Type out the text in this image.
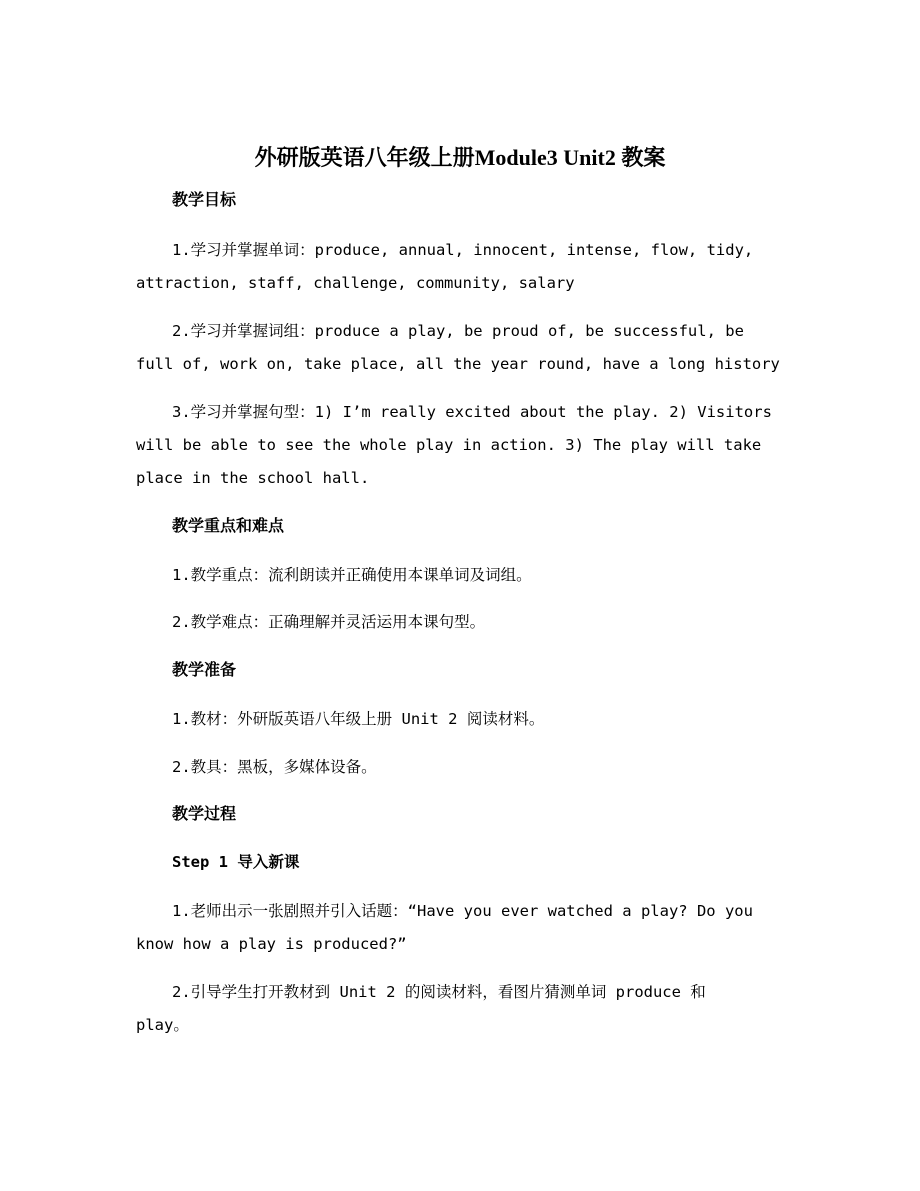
外研版英语八年级上册Module3 Unit2 教案
教学目标
1.学习并掌握单词：produce, annual, innocent, intense, flow, tidy,
attraction, staff, challenge, community, salary
2.学习并掌握词组：produce a play, be proud of, be successful, be
full of, work on, take place, all the year round, have a long history
3.学习并掌握句型：1) I’m really excited about the play. 2) Visitors
will be able to see the whole play in action. 3) The play will take
place in the school hall.
教学重点和难点
1.教学重点：流利朗读并正确使用本课单词及词组。
2.教学难点：正确理解并灵活运用本课句型。
教学准备
1.教材：外研版英语八年级上册 Unit 2 阅读材料。
2.教具：黑板，多媒体设备。
教学过程
Step 1 导入新课
1.老师出示一张剧照并引入话题：“Have you ever watched a play? Do you
know how a play is produced?”
2.引导学生打开教材到 Unit 2 的阅读材料，看图片猜测单词 produce 和
play。
